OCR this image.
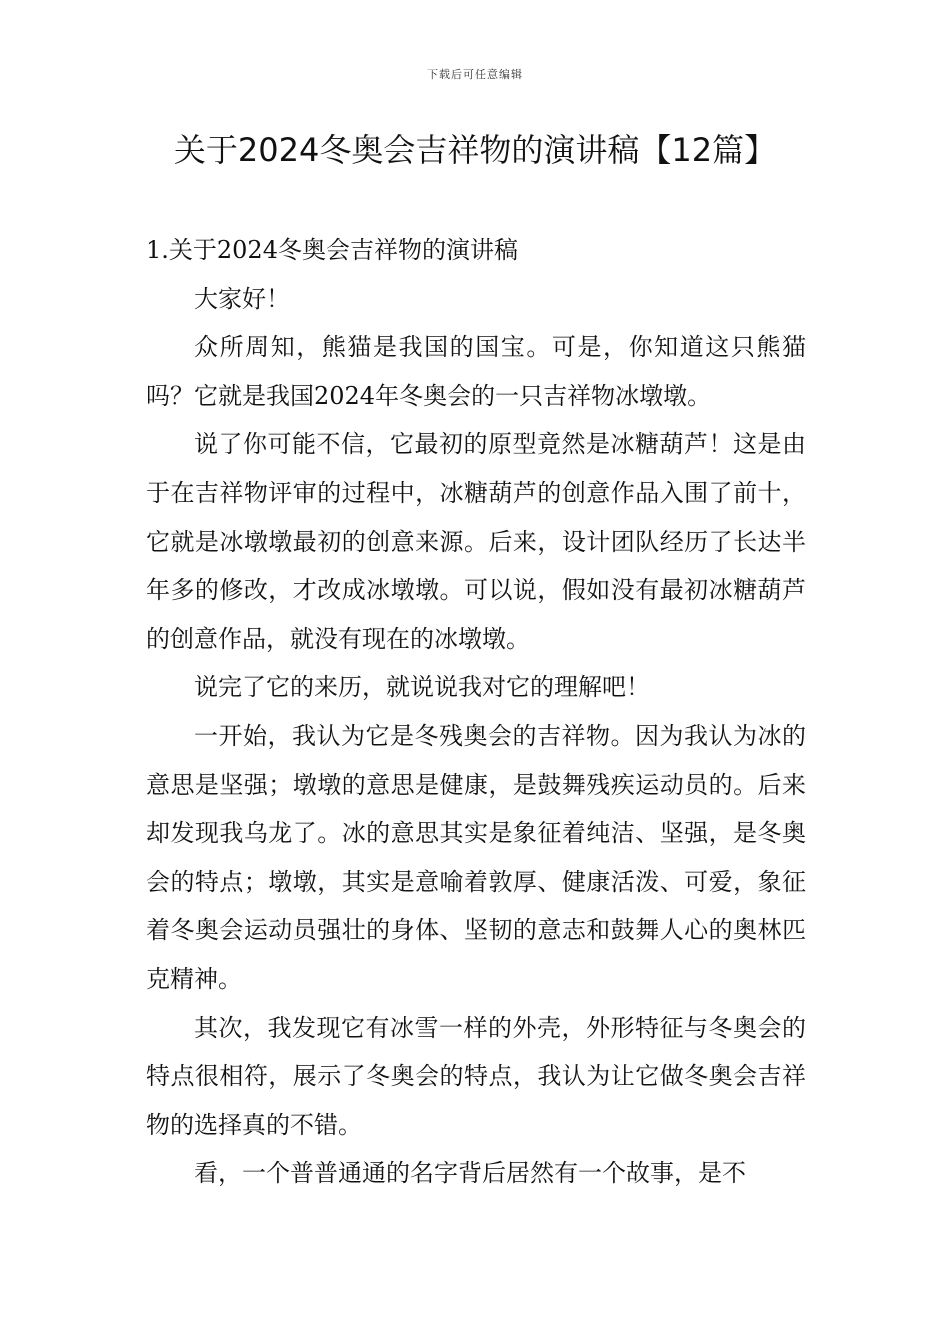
下载后可任意编辑
关于2024冬奥会吉祥物的演讲稿【12篇】
1.关于2024冬奥会吉祥物的演讲稿

大家好！

众所周知，熊猫是我国的国宝。可是，你知道这只熊猫吗？它就是我国2024年冬奥会的一只吉祥物冰墩墩。

说了你可能不信，它最初的原型竟然是冰糖葫芦！这是由于在吉祥物评审的过程中，冰糖葫芦的创意作品入围了前十，它就是冰墩墩最初的创意来源。后来，设计团队经历了长达半年多的修改，才改成冰墩墩。可以说，假如没有最初冰糖葫芦的创意作品，就没有现在的冰墩墩。

说完了它的来历，就说说我对它的理解吧！

一开始，我认为它是冬残奥会的吉祥物。因为我认为冰的意思是坚强；墩墩的意思是健康，是鼓舞残疾运动员的。后来却发现我乌龙了。冰的意思其实是象征着纯洁、坚强，是冬奥会的特点；墩墩，其实是意喻着敦厚、健康活泼、可爱，象征着冬奥会运动员强壮的身体、坚韧的意志和鼓舞人心的奥林匹克精神。

其次，我发现它有冰雪一样的外壳，外形特征与冬奥会的特点很相符，展示了冬奥会的特点，我认为让它做冬奥会吉祥物的选择真的不错。

看，一个普普通通的名字背后居然有一个故事，是不
